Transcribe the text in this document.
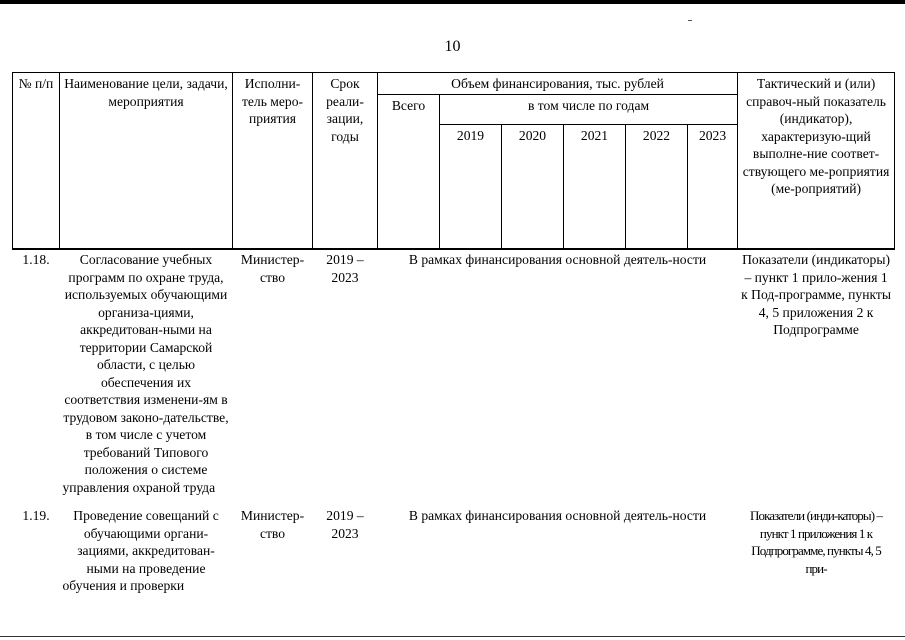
10
№ п/п	Наименование цели, задачи, мероприятия	Исполни-тель меро-приятия	Срок реали-зации, годы	Объем финансирования, тыс. рублей						Тактический и (или) справоч-ный показатель (индикатор), характеризую-щий выполне-ние соответ-ствующего ме-роприятия (ме-роприятий)
				Всего	в том числе по годам					
					2019	2020	2021	2022	2023	
1.18.	Согласование учебных программ по охране труда, используемых обучающими организа-циями, аккредитован-ными на территории Самарской области, с целью обеспечения их соответствия изменени-ям в трудовом законо-дательстве, в том числе с учетом требований Типового положения о системе управления охраной труда	Министер-ство	2019 – 2023	В рамках финансирования основной деятель-ности						Показатели (индикаторы) – пункт 1 прило-жения 1 к Под-программе, пункты 4, 5 приложения 2 к Подпрограмме
1.19.	Проведение совещаний с обучающими органи-зациями, аккредитован-ными на проведение обучения и проверки	Министер-ство	2019 – 2023	В рамках финансирования основной деятель-ности						Показатели (инди-каторы) – пункт 1 приложения 1 к Подпрограмме, пункты 4, 5 при-
